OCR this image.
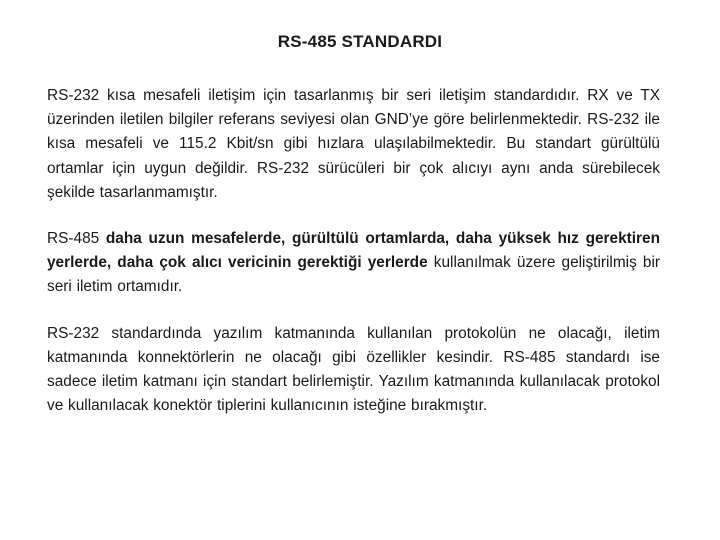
RS-485 STANDARDI

RS-232 kısa mesafeli iletişim için tasarlanmış bir seri iletişim standardıdır. RX ve TX üzerinden iletilen bilgiler referans seviyesi olan GND’ye göre belirlenmektedir. RS-232 ile kısa mesafeli ve 115.2 Kbit/sn gibi hızlara ulaşılabilmektedir. Bu standart gürültülü ortamlar için uygun değildir. RS-232 sürücüleri bir çok alıcıyı aynı anda sürebilecek şekilde tasarlanmamıştır.

RS-485 daha uzun mesafelerde, gürültülü ortamlarda, daha yüksek hız gerektiren yerlerde, daha çok alıcı vericinin gerektiği yerlerde kullanılmak üzere geliştirilmiş bir seri iletim ortamıdır.

RS-232 standardında yazılım katmanında kullanılan protokolün ne olacağı, iletim katmanında konnektörlerin ne olacağı gibi özellikler kesindir. RS-485 standardı ise sadece iletim katmanı için standart belirlemiştir. Yazılım katmanında kullanılacak protokol ve kullanılacak konektör tiplerini kullanıcının isteğine bırakmıştır.
